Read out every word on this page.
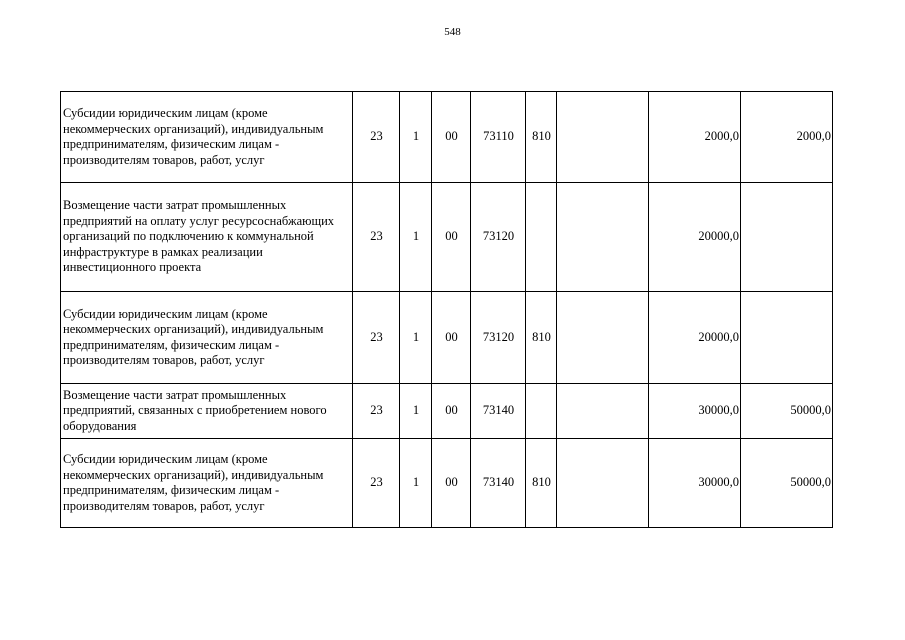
548
Субсидии юридическим лицам (кроме некоммерческих организаций), индивидуальным предпринимателям, физическим лицам - производителям товаров, работ, услуг	23	1	00	73110	810		2000,0	2000,0
Возмещение части затрат промышленных предприятий на оплату услуг ресурсоснабжающих организаций по подключению к коммунальной инфраструктуре в рамках реализации инвестиционного проекта	23	1	00	73120			20000,0	
Субсидии юридическим лицам (кроме некоммерческих организаций), индивидуальным предпринимателям, физическим лицам - производителям товаров, работ, услуг	23	1	00	73120	810		20000,0	
Возмещение части затрат промышленных предприятий, связанных с приобретением нового оборудования	23	1	00	73140			30000,0	50000,0
Субсидии юридическим лицам (кроме некоммерческих организаций), индивидуальным предпринимателям, физическим лицам - производителям товаров, работ, услуг	23	1	00	73140	810		30000,0	50000,0
